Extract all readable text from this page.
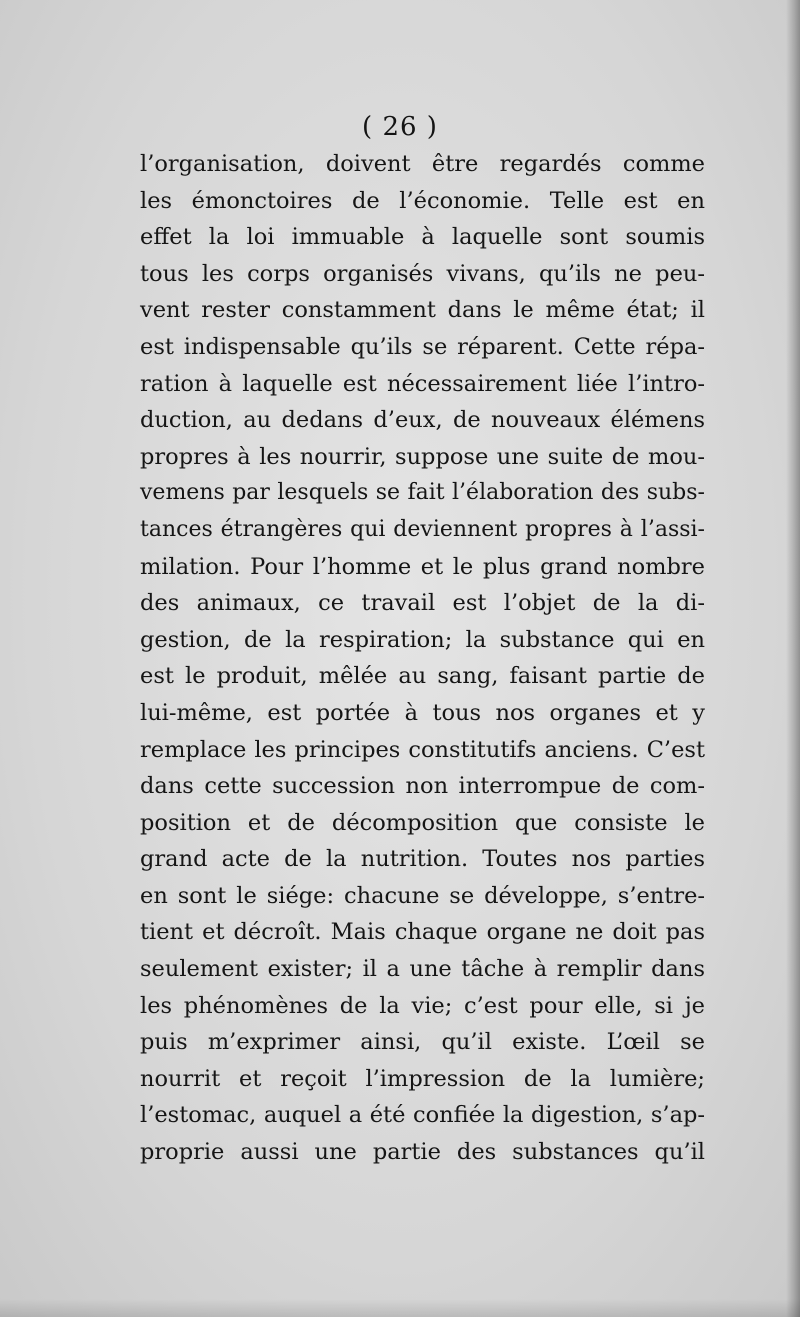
( 26 )
l’organisation, doivent être regardés comme
les émonctoires de l’économie. Telle est en
effet la loi immuable à laquelle sont soumis
tous les corps organisés vivans, qu’ils ne peu-
vent rester constamment dans le même état; il
est indispensable qu’ils se réparent. Cette répa-
ration à laquelle est nécessairement liée l’intro-
duction, au dedans d’eux, de nouveaux élémens
propres à les nourrir, suppose une suite de mou-
vemens par lesquels se fait l’élaboration des subs-
tances étrangères qui deviennent propres à l’assi-
milation. Pour l’homme et le plus grand nombre
des animaux, ce travail est l’objet de la di-
gestion, de la respiration; la substance qui en
est le produit, mêlée au sang, faisant partie de
lui-même, est portée à tous nos organes et y
remplace les principes constitutifs anciens. C’est
dans cette succession non interrompue de com-
position et de décomposition que consiste le
grand acte de la nutrition. Toutes nos parties
en sont le siége: chacune se développe, s’entre-
tient et décroît. Mais chaque organe ne doit pas
seulement exister; il a une tâche à remplir dans
les phénomènes de la vie; c’est pour elle, si je
puis m’exprimer ainsi, qu’il existe. L’œil se
nourrit et reçoit l’impression de la lumière;
l’estomac, auquel a été confiée la digestion, s’ap-
proprie aussi une partie des substances qu’il
